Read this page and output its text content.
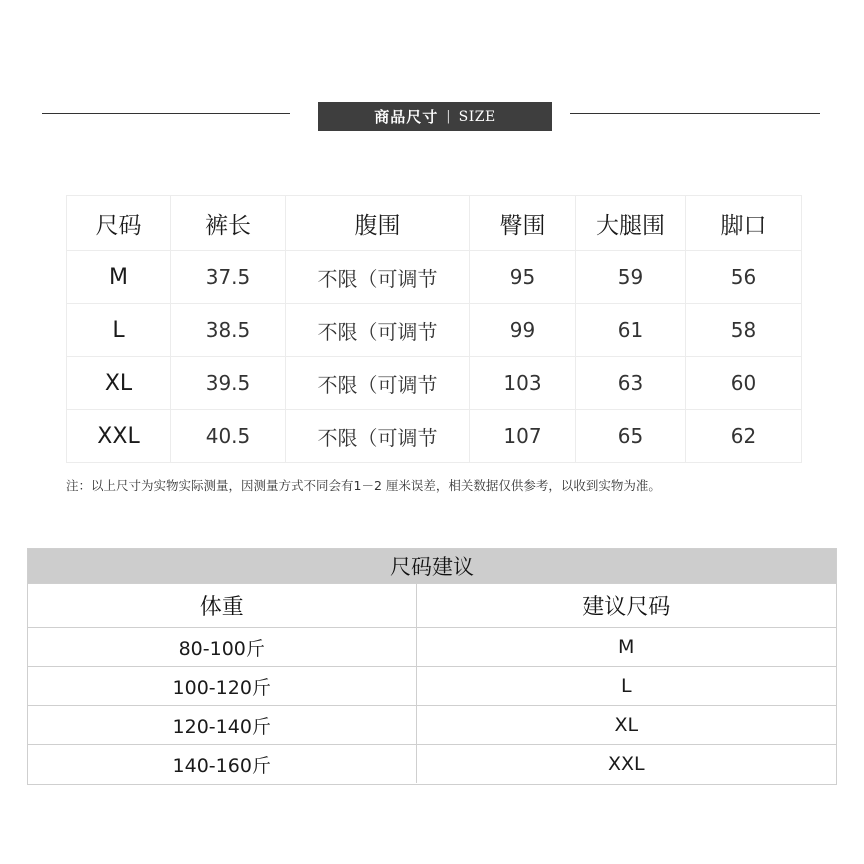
商品尺寸 | SIZE
尺码	裤长	腹围	臀围	大腿围	脚口
M	37.5	不限（可调节	95	59	56
L	38.5	不限（可调节	99	61	58
XL	39.5	不限（可调节	103	63	60
XXL	40.5	不限（可调节	107	65	62
注：以上尺寸为实物实际测量，因测量方式不同会有1－2 厘米误差，相关数据仅供参考，以收到实物为准。
尺码建议
体重	建议尺码
80-100斤	M
100-120斤	L
120-140斤	XL
140-160斤	XXL
